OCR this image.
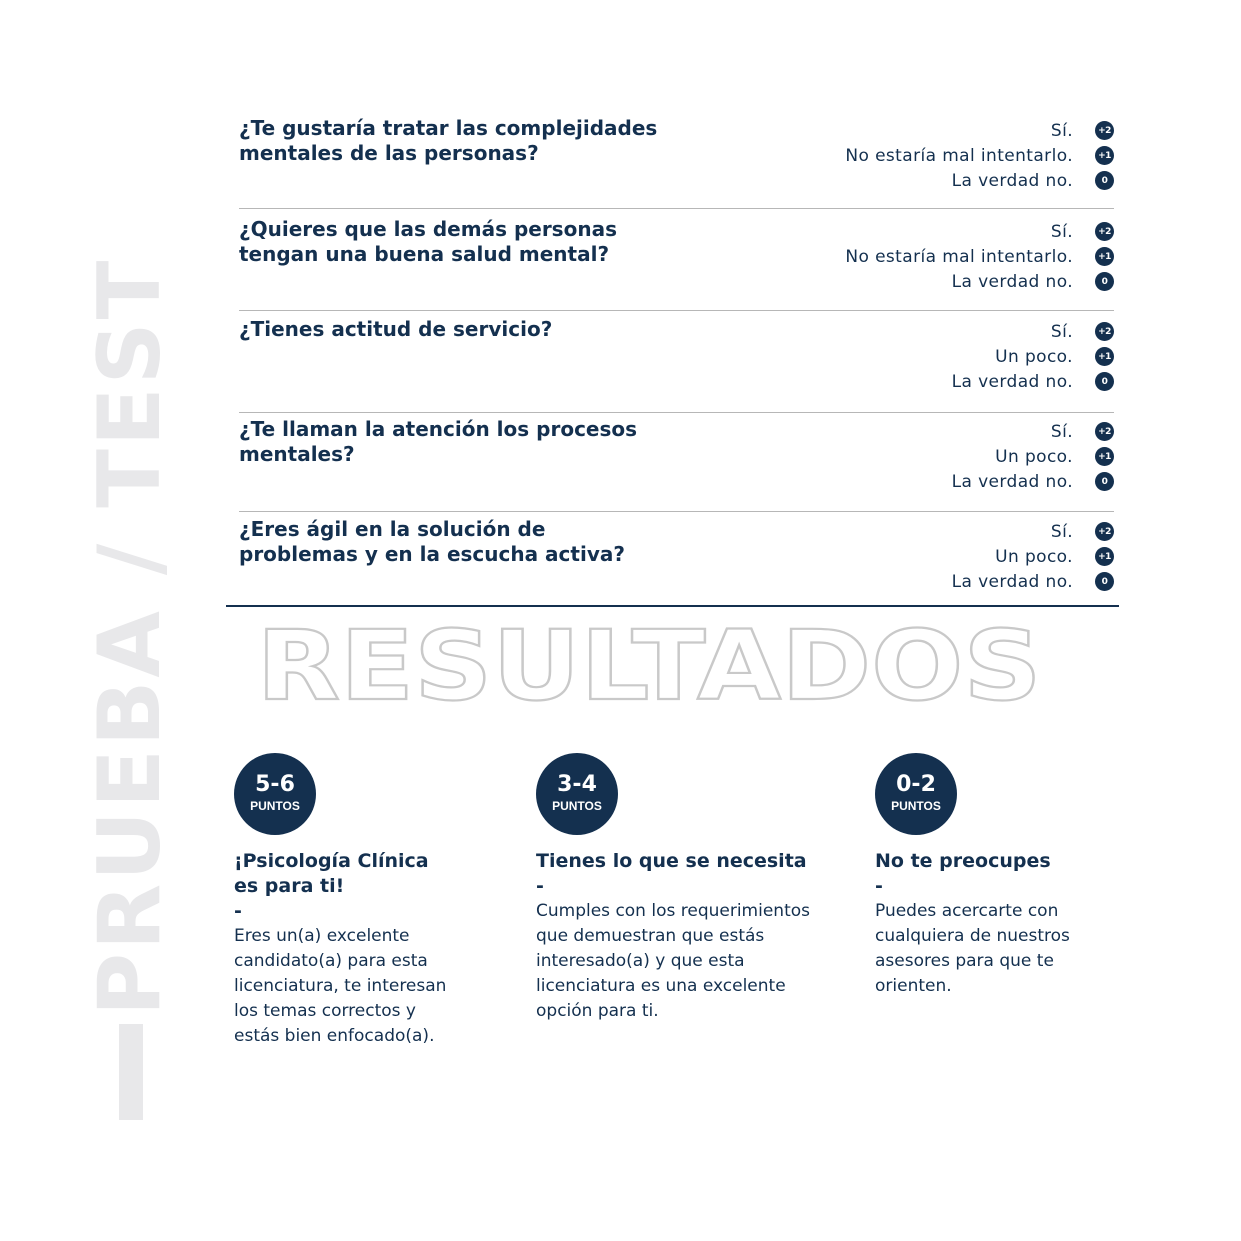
PRUEBA / TEST
¿Te gustaría tratar las complejidades mentales de las personas?
Sí.	+2
No estaría mal intentarlo.	+1
La verdad no.	0
¿Quieres que las demás personas tengan una buena salud mental?
Sí.	+2
No estaría mal intentarlo.	+1
La verdad no.	0
¿Tienes actitud de servicio?	Sí.	+2
Un poco.	+1
La verdad no.	0
¿Te llaman la atención los procesos mentales?
Sí.	+2
Un poco.	+1
La verdad no.	0
¿Eres ágil en la solución de problemas y en la escucha activa?
Sí.	+2
Un poco.	+1
La verdad no.	0
RESULTADOS
5-6
PUNTOS
¡Psicología Clínica es para ti!
-
Eres un(a) excelente candidato(a) para esta licenciatura, te interesan los temas correctos y estás bien enfocado(a).
3-4
PUNTOS
Tienes lo que se necesita
-
Cumples con los requerimientos que demuestran que estás interesado(a) y que esta licenciatura es una excelente opción para ti.
0-2
PUNTOS
No te preocupes
-
Puedes acercarte con cualquiera de nuestros asesores para que te orienten.
